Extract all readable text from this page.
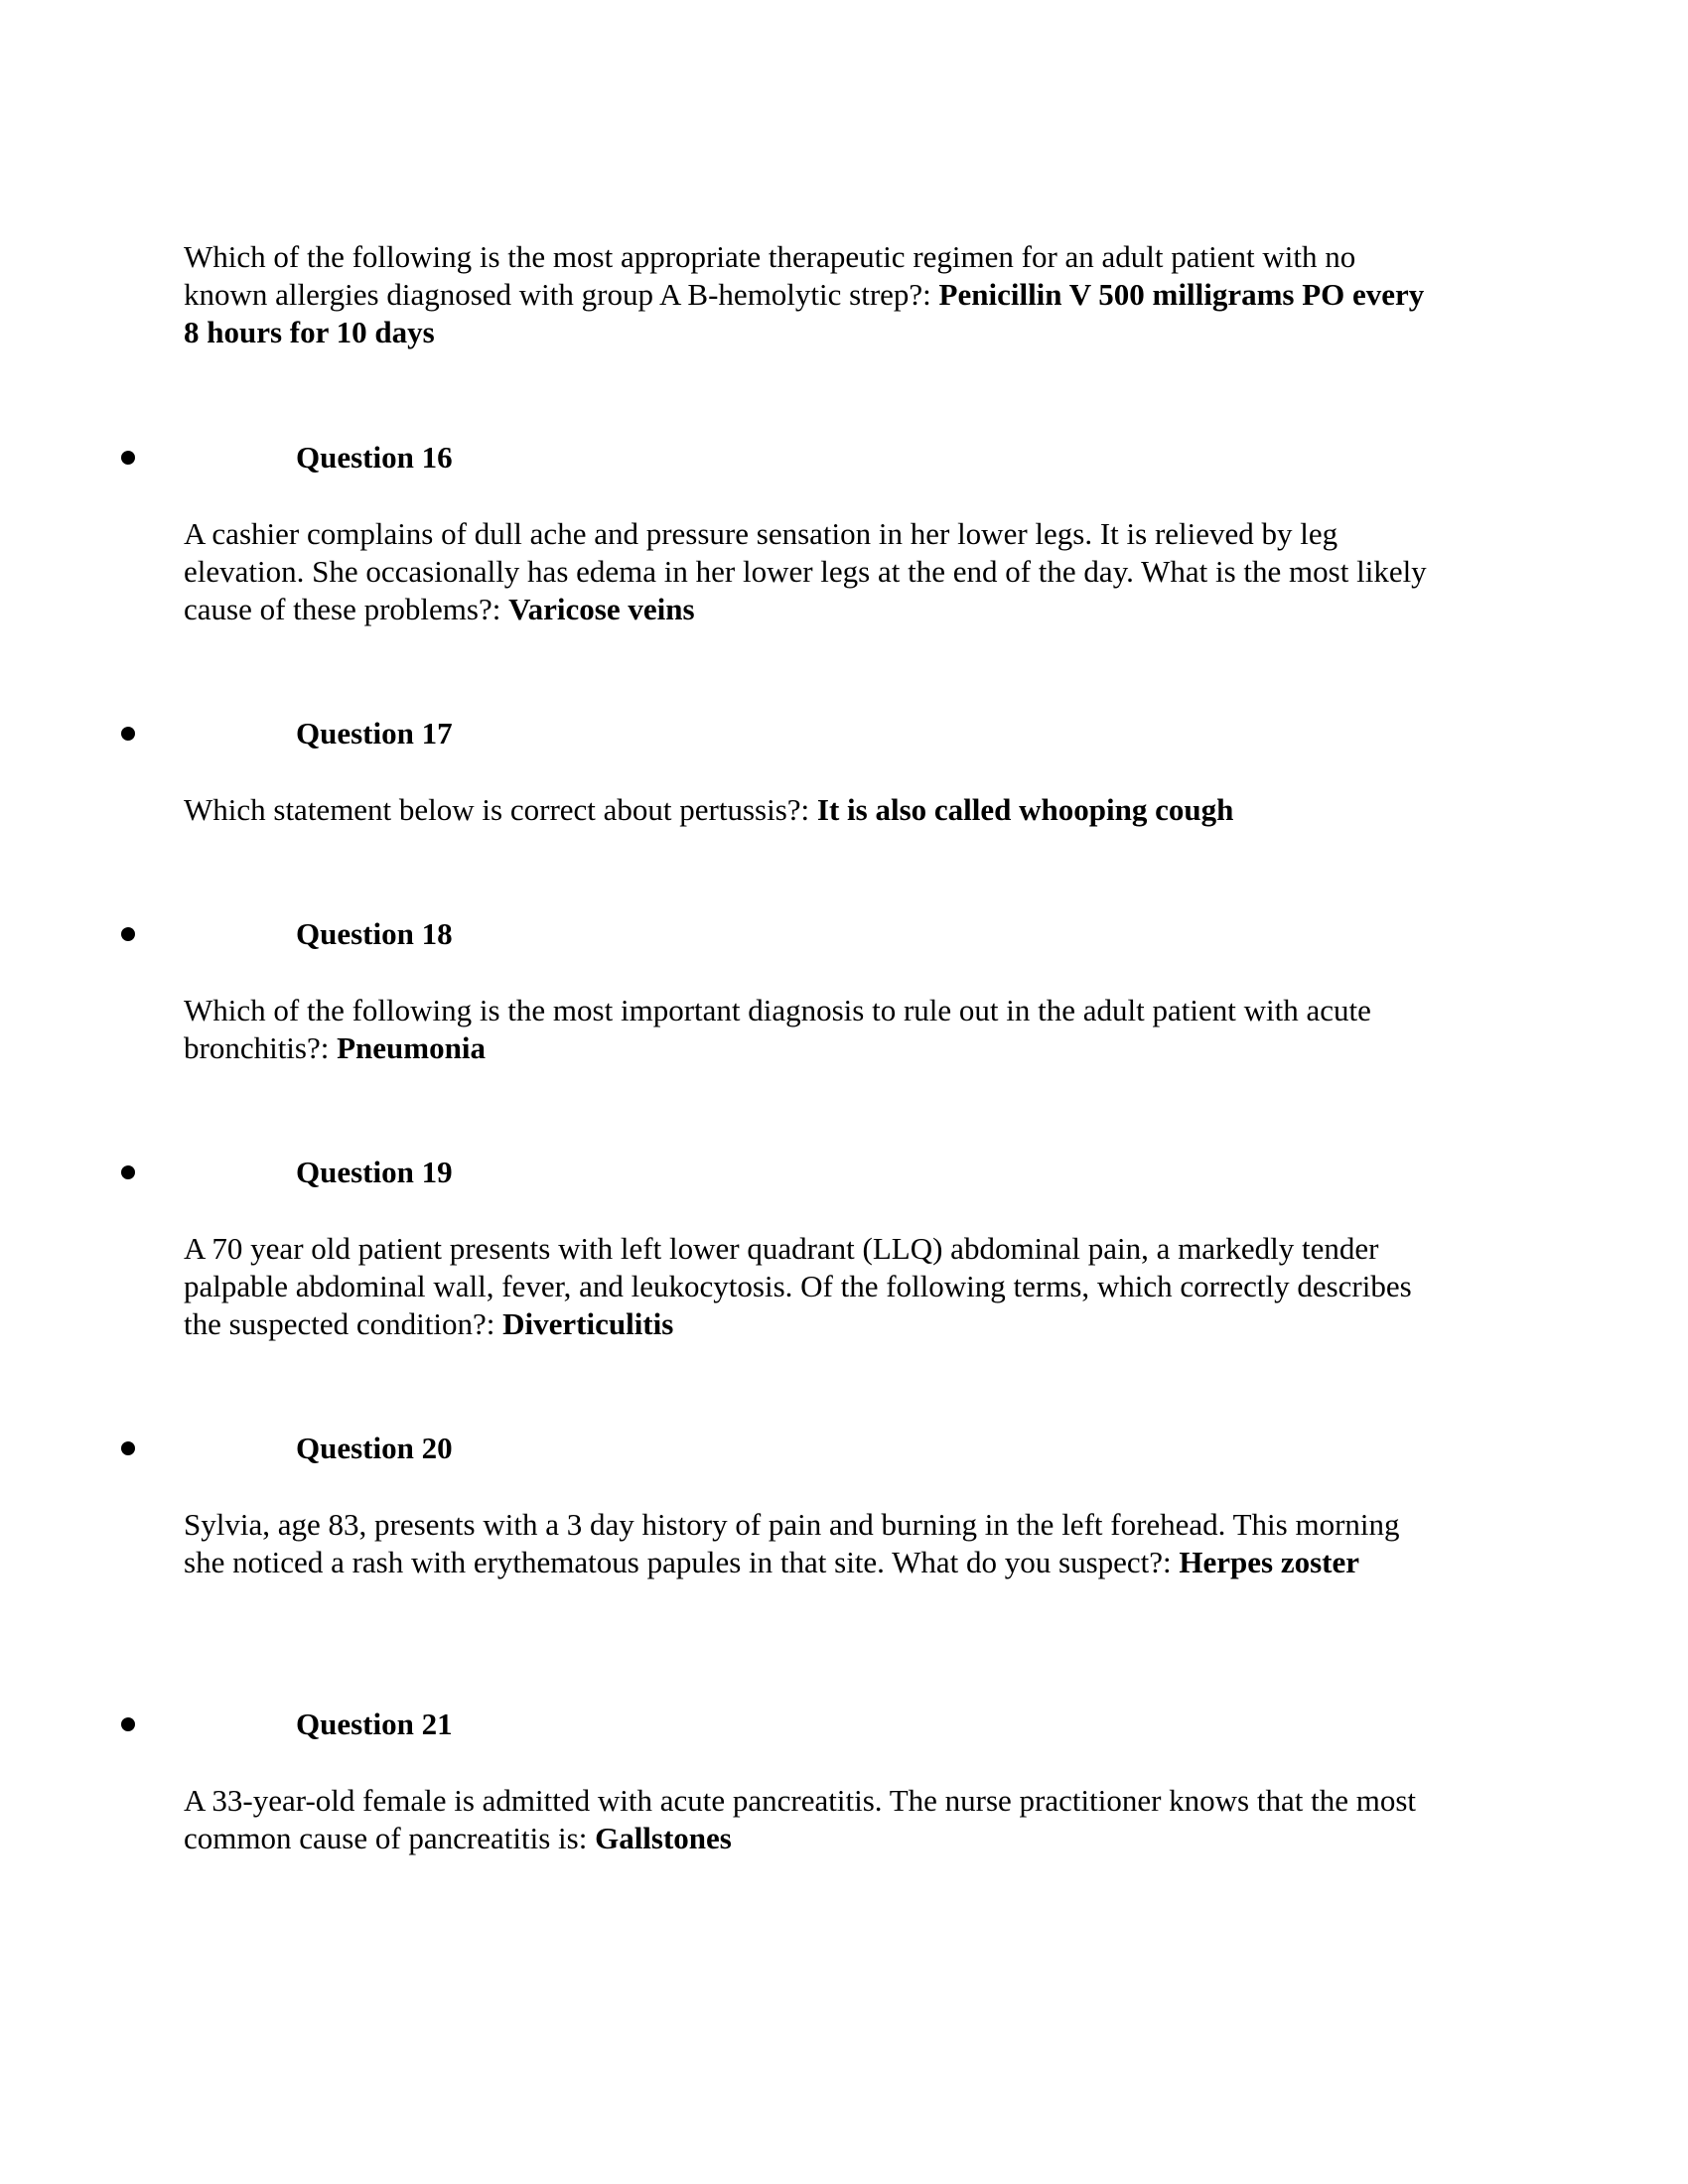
Which of the following is the most appropriate therapeutic regimen for an adult patient with no known allergies diagnosed with group A B-hemolytic strep?: Penicillin V 500 milligrams PO every 8 hours for 10 days

Question 16

A cashier complains of dull ache and pressure sensation in her lower legs. It is relieved by leg elevation. She occasionally has edema in her lower legs at the end of the day. What is the most likely cause of these problems?: Varicose veins

Question 17

Which statement below is correct about pertussis?: It is also called whooping cough

Question 18

Which of the following is the most important diagnosis to rule out in the adult patient with acute bronchitis?: Pneumonia

Question 19

A 70 year old patient presents with left lower quadrant (LLQ) abdominal pain, a markedly tender palpable abdominal wall, fever, and leukocytosis. Of the following terms, which correctly describes the suspected condition?: Diverticulitis

Question 20

Sylvia, age 83, presents with a 3 day history of pain and burning in the left forehead. This morning she noticed a rash with erythematous papules in that site. What do you suspect?: Herpes zoster

Question 21

A 33-year-old female is admitted with acute pancreatitis. The nurse practitioner knows that the most common cause of pancreatitis is: Gallstones
